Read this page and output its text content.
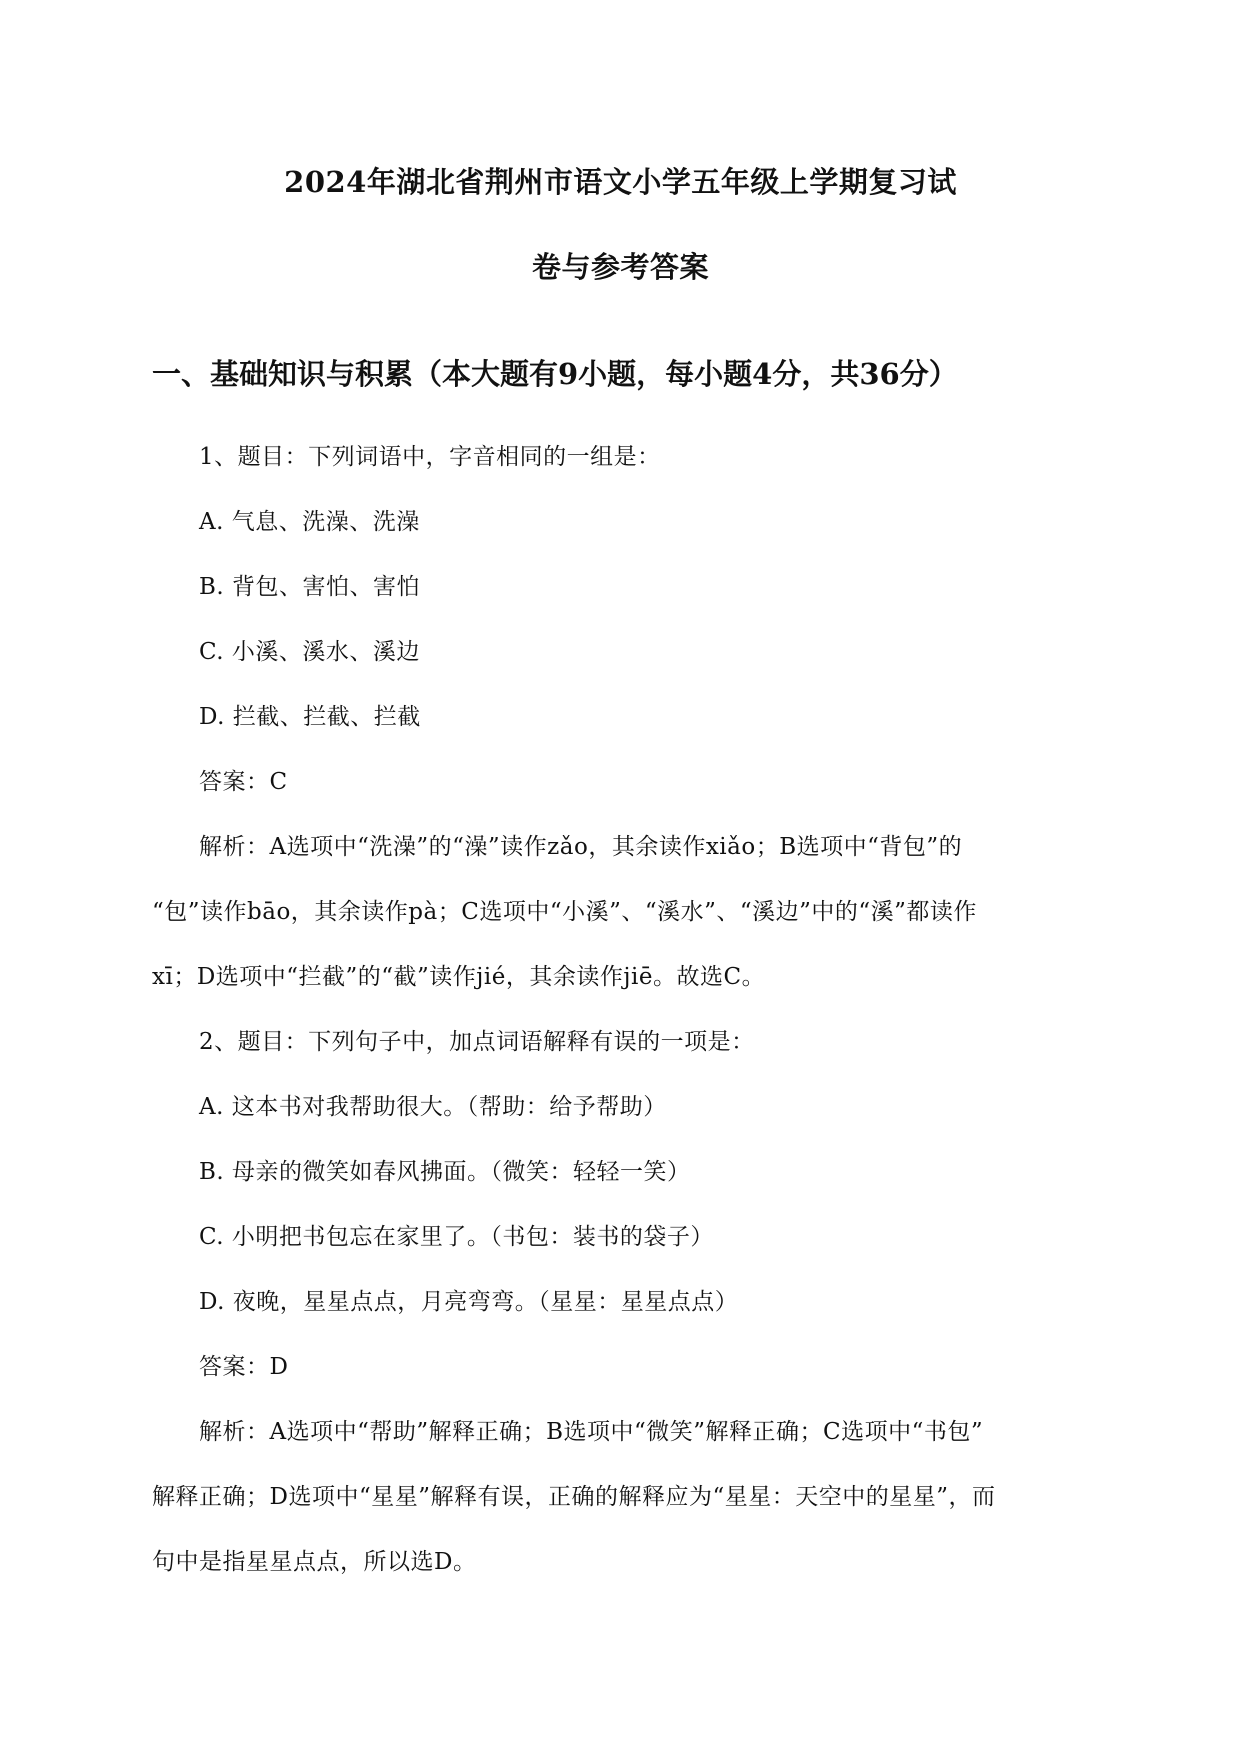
2024年湖北省荆州市语文小学五年级上学期复习试
卷与参考答案
一、基础知识与积累（本大题有9小题，每小题4分，共36分）
1、题目：下列词语中，字音相同的一组是：
A. 气息、洗澡、洗澡
B. 背包、害怕、害怕
C. 小溪、溪水、溪边
D. 拦截、拦截、拦截
答案：C
解析：A选项中“洗澡”的“澡”读作zǎo，其余读作xiǎo；B选项中“背包”的
“包”读作bāo，其余读作pà；C选项中“小溪”、“溪水”、“溪边”中的“溪”都读作
xī；D选项中“拦截”的“截”读作jié，其余读作jiē。故选C。
2、题目：下列句子中，加点词语解释有误的一项是：
A. 这本书对我帮助很大。（帮助：给予帮助）
B. 母亲的微笑如春风拂面。（微笑：轻轻一笑）
C. 小明把书包忘在家里了。（书包：装书的袋子）
D. 夜晚，星星点点，月亮弯弯。（星星：星星点点）
答案：D
解析：A选项中“帮助”解释正确；B选项中“微笑”解释正确；C选项中“书包”
解释正确；D选项中“星星”解释有误，正确的解释应为“星星：天空中的星星”，而
句中是指星星点点，所以选D。
